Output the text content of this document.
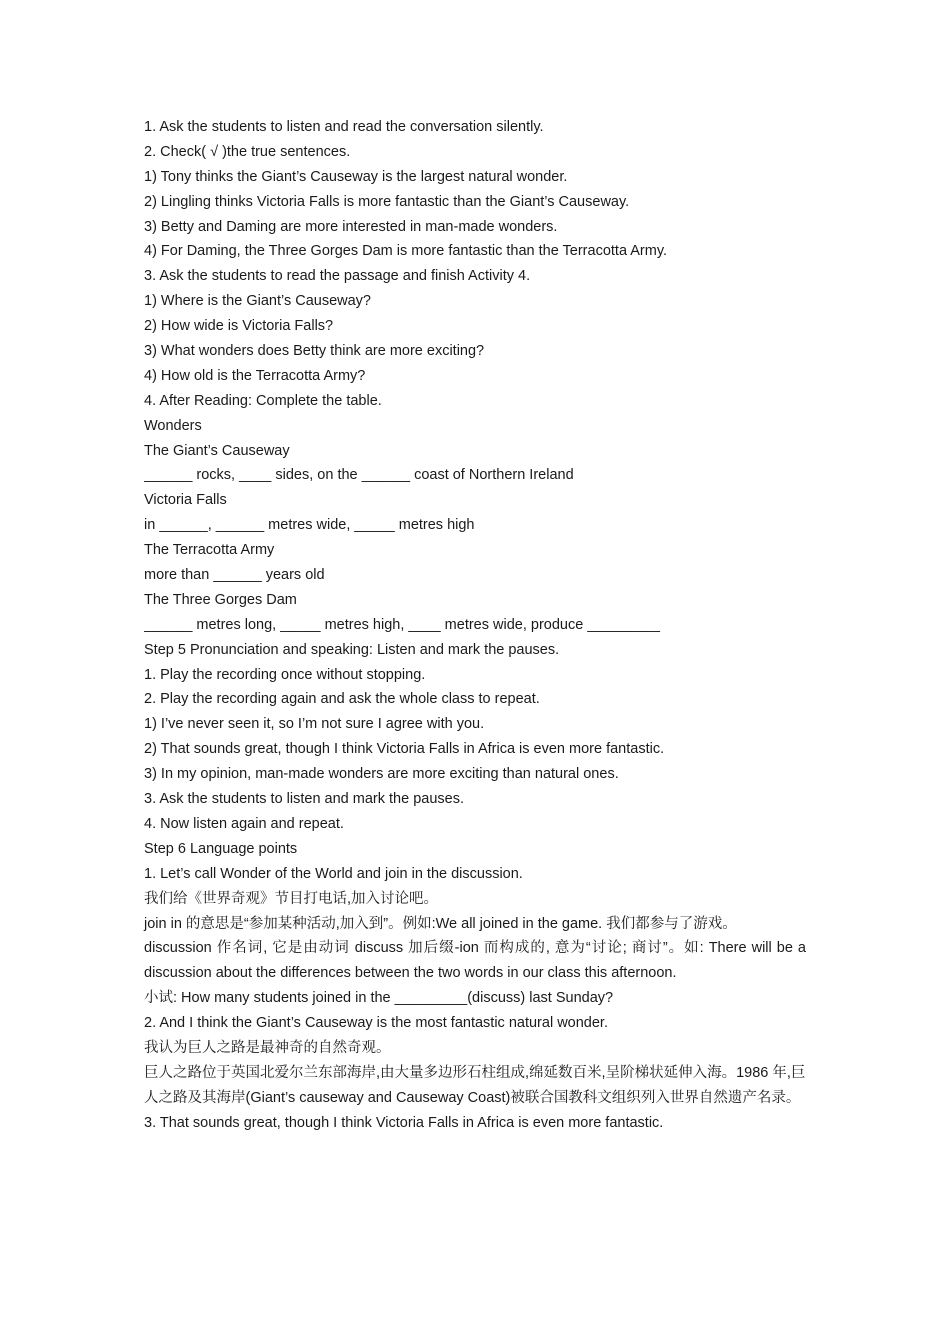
1. Ask the students to listen and read the conversation silently.
2. Check( √ )the true sentences.
1) Tony thinks the Giant’s Causeway is the largest natural wonder.
2) Lingling thinks Victoria Falls is more fantastic than the Giant’s Causeway.
3) Betty and Daming are more interested in man-made wonders.
4) For Daming, the Three Gorges Dam is more fantastic than the Terracotta Army.
3. Ask the students to read the passage and finish Activity 4.
1) Where is the Giant’s Causeway?
2) How wide is Victoria Falls?
3) What wonders does Betty think are more exciting?
4) How old is the Terracotta Army?
4. After Reading: Complete the table.
Wonders
The Giant’s Causeway
______ rocks, ____ sides, on the ______ coast of Northern Ireland
Victoria Falls
in ______, ______ metres wide, _____ metres high
The Terracotta Army
more than ______ years old
The Three Gorges Dam
______ metres long, _____ metres high, ____ metres wide, produce _________
Step 5 Pronunciation and speaking: Listen and mark the pauses.
1. Play the recording once without stopping.
2. Play the recording again and ask the whole class to repeat.
1) I’ve never seen it, so I’m not sure I agree with you.
2) That sounds great, though I think Victoria Falls in Africa is even more fantastic.
3) In my opinion, man-made wonders are more exciting than natural ones.
3. Ask the students to listen and mark the pauses.
4. Now listen again and repeat.
Step 6 Language points
1. Let’s call Wonder of the World and join in the discussion.
我们给《世界奇观》节目打电话,加入讨论吧。
join in 的意思是“参加某种活动,加入到”。例如:We all joined in the game. 我们都参与了游戏。
discussion 作名词, 它是由动词 discuss 加后缀-ion 而构成的, 意为“讨论; 商讨”。如: There will be a discussion about the differences between the two words in our class this afternoon.
小试: How many students joined in the _________(discuss) last Sunday?
2. And I think the Giant’s Causeway is the most fantastic natural wonder.
我认为巨人之路是最神奇的自然奇观。
巨人之路位于英国北爱尔兰东部海岸,由大量多边形石柱组成,绵延数百米,呈阶梯状延伸入海。1986 年,巨人之路及其海岸(Giant’s causeway and Causeway Coast)被联合国教科文组织列入世界自然遗产名录。
3. That sounds great, though I think Victoria Falls in Africa is even more fantastic.
